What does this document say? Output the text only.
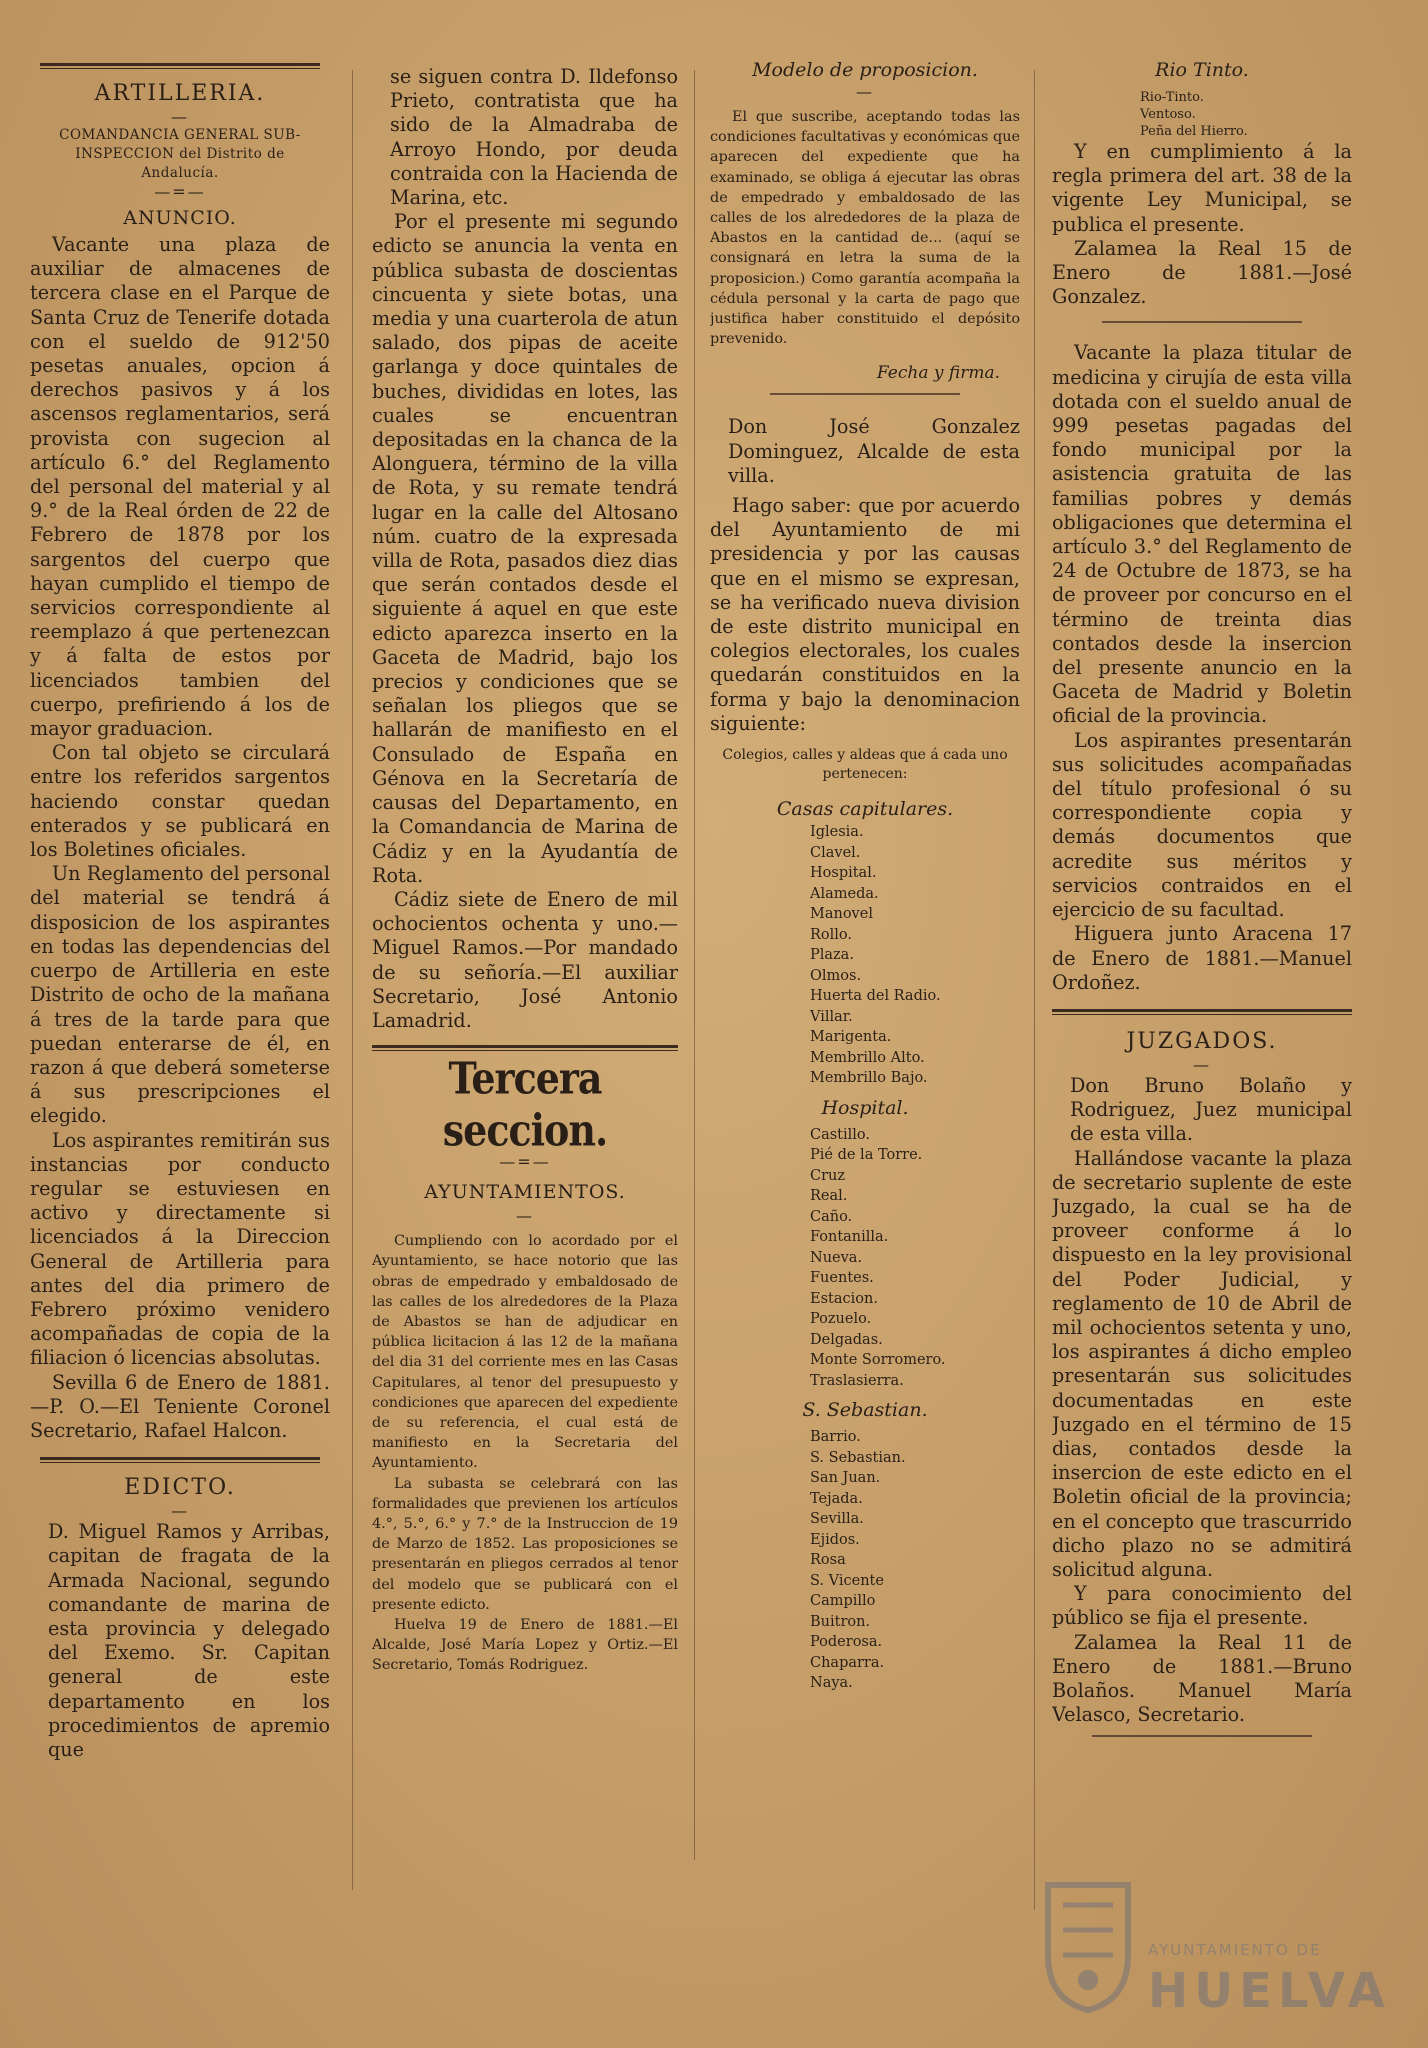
ARTILLERIA.
—
COMANDANCIA GENERAL SUB-INSPECCION del Distrito de Andalucía.
—=—
ANUNCIO.

Vacante una plaza de auxiliar de almacenes de tercera clase en el Parque de Santa Cruz de Tenerife dotada con el sueldo de 912'50 pesetas anuales, opcion á derechos pasivos y á los ascensos reglamentarios, será provista con sugecion al artículo 6.° del Reglamento del personal del material y al 9.° de la Real órden de 22 de Febrero de 1878 por los sargentos del cuerpo que hayan cumplido el tiempo de servicios correspondiente al reemplazo á que pertenezcan y á falta de estos por licenciados tambien del cuerpo, prefiriendo á los de mayor graduacion.

Con tal objeto se circulará entre los referidos sargentos haciendo constar quedan enterados y se publicará en los Boletines oficiales.

Un Reglamento del personal del material se tendrá á disposicion de los aspirantes en todas las dependencias del cuerpo de Artilleria en este Distrito de ocho de la mañana á tres de la tarde para que puedan enterarse de él, en razon á que deberá someterse á sus prescripciones el elegido.

Los aspirantes remitirán sus instancias por conducto regular se estuviesen en activo y directamente si licenciados á la Direccion General de Artilleria para antes del dia primero de Febrero próximo venidero acompañadas de copia de la filiacion ó licencias absolutas.

Sevilla 6 de Enero de 1881.—P. O.—El Teniente Coronel Secretario, Rafael Halcon.

EDICTO.
—

D. Miguel Ramos y Arribas, capitan de fragata de la Armada Nacional, segundo comandante de marina de esta provincia y delegado del Exemo. Sr. Capitan general de este departamento en los procedimientos de apremio que

se siguen contra D. Ildefonso Prieto, contratista que ha sido de la Almadraba de Arroyo Hondo, por deuda contraida con la Hacienda de Marina, etc.

Por el presente mi segundo edicto se anuncia la venta en pública subasta de doscientas cincuenta y siete botas, una media y una cuarterola de atun salado, dos pipas de aceite garlanga y doce quintales de buches, divididas en lotes, las cuales se encuentran depositadas en la chanca de la Alonguera, término de la villa de Rota, y su remate tendrá lugar en la calle del Altosano núm. cuatro de la expresada villa de Rota, pasados diez dias que serán contados desde el siguiente á aquel en que este edicto aparezca inserto en la Gaceta de Madrid, bajo los precios y condiciones que se señalan los pliegos que se hallarán de manifiesto en el Consulado de España en Génova en la Secretaría de causas del Departamento, en la Comandancia de Marina de Cádiz y en la Ayudantía de Rota.

Cádiz siete de Enero de mil ochocientos ochenta y uno.—Miguel Ramos.—Por mandado de su señoría.—El auxiliar Secretario, José Antonio Lamadrid.

Tercera seccion.
—=—
AYUNTAMIENTOS.
—

Cumpliendo con lo acordado por el Ayuntamiento, se hace notorio que las obras de empedrado y embaldosado de las calles de los alrededores de la Plaza de Abastos se han de adjudicar en pública licitacion á las 12 de la mañana del dia 31 del corriente mes en las Casas Capitulares, al tenor del presupuesto y condiciones que aparecen del expediente de su referencia, el cual está de manifiesto en la Secretaria del Ayuntamiento.

La subasta se celebrará con las formalidades que previenen los artículos 4.°, 5.°, 6.° y 7.° de la Instruccion de 19 de Marzo de 1852. Las proposiciones se presentarán en pliegos cerrados al tenor del modelo que se publicará con el presente edicto.

Huelva 19 de Enero de 1881.—El Alcalde, José María Lopez y Ortiz.—El Secretario, Tomás Rodriguez.

Modelo de proposicion.
—

El que suscribe, aceptando todas las condiciones facultativas y económicas que aparecen del expediente que ha examinado, se obliga á ejecutar las obras de empedrado y embaldosado de las calles de los alrededores de la plaza de Abastos en la cantidad de... (aquí se consignará en letra la suma de la proposicion.) Como garantía acompaña la cédula personal y la carta de pago que justifica haber constituido el depósito prevenido.

Fecha y firma.

Don José Gonzalez Dominguez, Alcalde de esta villa.

Hago saber: que por acuerdo del Ayuntamiento de mi presidencia y por las causas que en el mismo se expresan, se ha verificado nueva division de este distrito municipal en colegios electorales, los cuales quedarán constituidos en la forma y bajo la denominacion siguiente:

Colegios, calles y aldeas que á cada uno pertenecen:
Casas capitulares.
Iglesia.
Clavel.
Hospital.
Alameda.
Manovel
Rollo.
Plaza.
Olmos.
Huerta del Radio.
Villar.
Marigenta.
Membrillo Alto.
Membrillo Bajo.
Hospital.
Castillo.
Pié de la Torre.
Cruz
Real.
Caño.
Fontanilla.
Nueva.
Fuentes.
Estacion.
Pozuelo.
Delgadas.
Monte Sorromero.
Traslasierra.
S. Sebastian.
Barrio.
S. Sebastian.
San Juan.
Tejada.
Sevilla.
Ejidos.
Rosa
S. Vicente
Campillo
Buitron.
Poderosa.
Chaparra.
Naya.
Rio Tinto.
Rio-Tinto.
Ventoso.
Peña del Hierro.

Y en cumplimiento á la regla primera del art. 38 de la vigente Ley Municipal, se publica el presente.

Zalamea la Real 15 de Enero de 1881.—José Gonzalez.

Vacante la plaza titular de medicina y cirujía de esta villa dotada con el sueldo anual de 999 pesetas pagadas del fondo municipal por la asistencia gratuita de las familias pobres y demás obligaciones que determina el artículo 3.° del Reglamento de 24 de Octubre de 1873, se ha de proveer por concurso en el término de treinta dias contados desde la insercion del presente anuncio en la Gaceta de Madrid y Boletin oficial de la provincia.

Los aspirantes presentarán sus solicitudes acompañadas del título profesional ó su correspondiente copia y demás documentos que acredite sus méritos y servicios contraidos en el ejercicio de su facultad.

Higuera junto Aracena 17 de Enero de 1881.—Manuel Ordoñez.

JUZGADOS.
—

Don Bruno Bolaño y Rodriguez, Juez municipal de esta villa.

Hallándose vacante la plaza de secretario suplente de este Juzgado, la cual se ha de proveer conforme á lo dispuesto en la ley provisional del Poder Judicial, y reglamento de 10 de Abril de mil ochocientos setenta y uno, los aspirantes á dicho empleo presentarán sus solicitudes documentadas en este Juzgado en el término de 15 dias, contados desde la insercion de este edicto en el Boletin oficial de la provincia; en el concepto que trascurrido dicho plazo no se admitirá solicitud alguna.

Y para conocimiento del público se fija el presente.

Zalamea la Real 11 de Enero de 1881.—Bruno Bolaños. Manuel María Velasco, Secretario.

AYUNTAMIENTO DE
HUELVA
